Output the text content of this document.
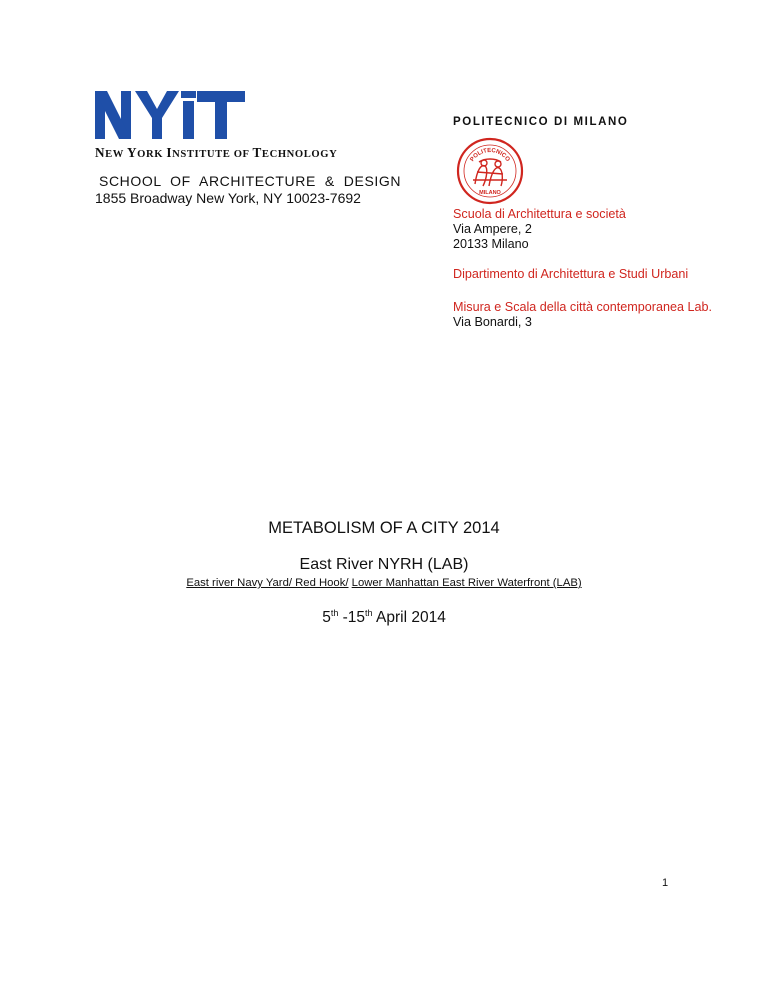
NEW YORK INSTITUTE OF TECHNOLOGY
SCHOOL  OF  ARCHITECTURE  &  DESIGN
1855 Broadway New York, NY 10023-7692
POLITECNICO DI MILANO
POLITECNICO
MILANO
Scuola di Architettura e società
Via Ampere, 2
20133 Milano
Dipartimento di Architettura e Studi Urbani
Misura e Scala della città contemporanea Lab.
Via Bonardi, 3
METABOLISM OF A CITY 2014
East River NYRH (LAB)
East river Navy Yard/ Red Hook/ Lower Manhattan East River Waterfront (LAB)
5th -15th April 2014
1
